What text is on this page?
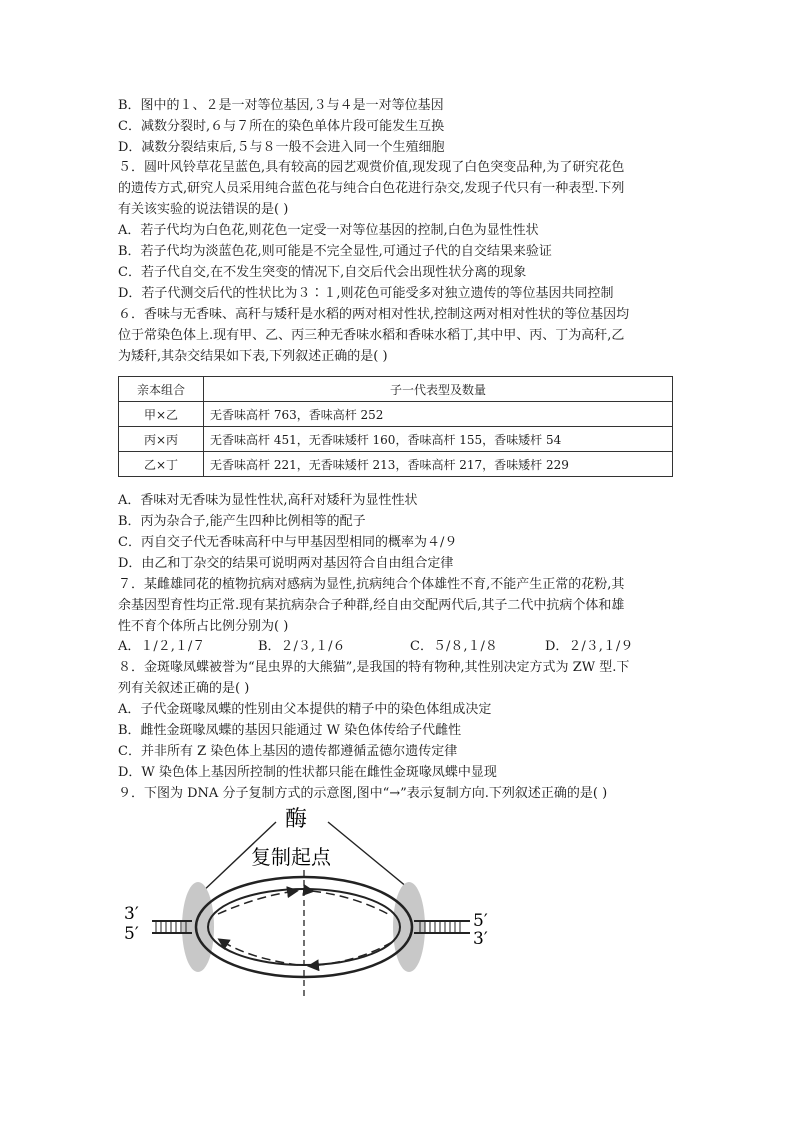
B．图中的１、２是一对等位基因,３与４是一对等位基因
C．减数分裂时,６与７所在的染色单体片段可能发生互换
D．减数分裂结束后,５与８一般不会进入同一个生殖细胞
５．圆叶风铃草花呈蓝色,具有较高的园艺观赏价值,现发现了白色突变品种,为了研究花色
的遗传方式,研究人员采用纯合蓝色花与纯合白色花进行杂交,发现子代只有一种表型.下列
有关该实验的说法错误的是( )
A．若子代均为白色花,则花色一定受一对等位基因的控制,白色为显性性状
B．若子代均为淡蓝色花,则可能是不完全显性,可通过子代的自交结果来验证
C．若子代自交,在不发生突变的情况下,自交后代会出现性状分离的现象
D．若子代测交后代的性状比为３∶１,则花色可能受多对独立遗传的等位基因共同控制
６．香味与无香味、高秆与矮秆是水稻的两对相对性状,控制这两对相对性状的等位基因均
位于常染色体上.现有甲、乙、丙三种无香味水稻和香味水稻丁,其中甲、丙、丁为高秆,乙
为矮秆,其杂交结果如下表,下列叙述正确的是( )
亲本组合	子一代表型及数量
甲×乙	无香味高杆 763，香味高杆 252
丙×丙	无香味高杆 451，无香味矮杆 160，香味高杆 155，香味矮杆 54
乙×丁	无香味高杆 221，无香味矮杆 213，香味高杆 217，香味矮杆 229
A．香味对无香味为显性性状,高秆对矮秆为显性性状
B．丙为杂合子,能产生四种比例相等的配子
C．丙自交子代无香味高秆中与甲基因型相同的概率为４/９
D．由乙和丁杂交的结果可说明两对基因符合自由组合定律
７．某雌雄同花的植物抗病对感病为显性,抗病纯合个体雄性不育,不能产生正常的花粉,其
余基因型育性均正常.现有某抗病杂合子种群,经自由交配两代后,其子二代中抗病个体和雄
性不育个体所占比例分别为( )
A．１/２,１/７	B．２/３,１/６	C．５/８,１/８	D．２/３,１/９
８．金斑喙凤蝶被誉为“昆虫界的大熊猫”,是我国的特有物种,其性别决定方式为 ZW 型.下
列有关叙述正确的是( )
A．子代金斑喙凤蝶的性别由父本提供的精子中的染色体组成决定
B．雌性金斑喙凤蝶的基因只能通过 W 染色体传给子代雌性
C．并非所有 Z 染色体上基因的遗传都遵循孟德尔遗传定律
D．W 染色体上基因所控制的性状都只能在雌性金斑喙凤蝶中显现
９．下图为 DNA 分子复制方式的示意图,图中“→”表示复制方向.下列叙述正确的是( )
酶
复制起点
3′
5′
5′
3′
